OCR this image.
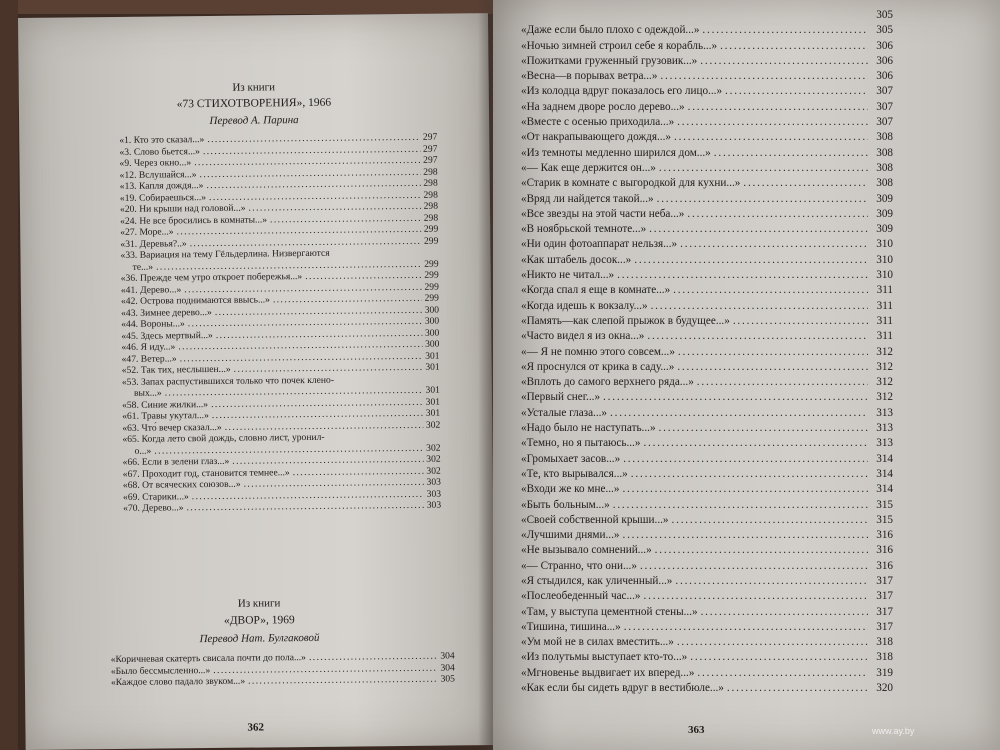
Из книги
«73 СТИХОТВОРЕНИЯ», 1966
Перевод А. Парина
«1. Кто это сказал...» . . .	297
«3. Слово бьется...» . . .	297
«9. Через окно...» . . .	297
«12. Вслушайся...» . . .	298
«13. Капля дождя...» . . .	298
«19. Собираешься...» . . .	298
«20. Ни крыши над головой...» . . .	298
«24. Не все бросились в комнаты...» . . .	298
«27. Море...» . . .	299
«31. Деревья?..» . . .	299
«33. Вариация на тему Гёльдерлина. Низвергаются
те...» . . .	299
«36. Прежде чем утро откроет побережья...» . . .	299
«41. Дерево...» . . .	299
«42. Острова поднимаются ввысь...» . . .	299
«43. Зимнее дерево...» . . .	300
«44. Вороны...» . . .	300
«45. Здесь мертвый...» . . .	300
«46. Я иду...» . . .	300
«47. Ветер...» . . .	301
«52. Так тих, неслышен...» . . .	301
«53. Запах распустившихся только что почек клено-
вых...» . . .	301
«58. Синие жилки...» . . .	301
«61. Травы укутал...» . . .	301
«63. Что́ вечер сказал...» . . .	302
«65. Когда лето свой дождь, словно лист, уронил-
о...» . . .	302
«66. Если в зелени глаз...» . . .	302
«67. Проходит год, становится темнее...» . . .	302
«68. От всяческих союзов...» . . .	303
«69. Старики...» . . .	303
«70. Дерево...» . . .	303
Из книги
«ДВОР», 1969
Перевод Нат. Булгаковой
«Коричневая скатерть свисала почти до пола...» . . .	304
«Было бессмысленно...» . . .	304
«Каждое слово падало звуком...» . . .	305
362
305
«Даже если было плохо с одеждой...» . . .	305
«Ночью зимней строил себе я корабль...» . . .	306
«Пожитками груженный грузовик...» . . .	306
«Весна—в порывах ветра...» . . .	306
«Из колодца вдруг показалось его лицо...» . . .	307
«На заднем дворе росло дерево...» . . .	307
«Вместе с осенью приходила...» . . .	307
«От накрапывающего дождя...» . . .	308
«Из темноты медленно ширился дом...» . . .	308
«— Как еще держится он...» . . .	308
«Старик в комнате с выгородкой для кухни...» . . .	308
«Вряд ли найдется такой...» . . .	309
«Все звезды на этой части неба...» . . .	309
«В ноябрьской темноте...» . . .	309
«Ни один фотоаппарат нельзя...» . . .	310
«Как штабель досок...» . . .	310
«Никто не читал...» . . .	310
«Когда спал я еще в комнате...» . . .	311
«Когда идешь к вокзалу...» . . .	311
«Память—как слепой прыжок в будущее...» . . .	311
«Часто видел я из окна...» . . .	311
«— Я не помню этого совсем...» . . .	312
«Я проснулся от крика в саду...» . . .	312
«Вплоть до самого верхнего ряда...» . . .	312
«Первый снег...» . . .	312
«Усталые глаза...» . . .	313
«Надо было не наступать...» . . .	313
«Темно, но я пытаюсь...» . . .	313
«Громыхает засов...» . . .	314
«Те, кто вырывался...» . . .	314
«Входи же ко мне...» . . .	314
«Быть больным...» . . .	315
«Своей собственной крыши...» . . .	315
«Лучшими днями...» . . .	316
«Не вызывало сомнений...» . . .	316
«— Странно, что они...» . . .	316
«Я стыдился, как уличенный...» . . .	317
«Послеобеденный час...» . . .	317
«Там, у выступа цементной стены...» . . .	317
«Тишина, тишина...» . . .	317
«Ум мой не в силах вместить...» . . .	318
«Из полутьмы выступает кто-то...» . . .	318
«Мгновенье выдвигает их вперед...» . . .	319
«Как если бы сидеть вдруг в вестибюле...» . . .	320
363	www.ay.by
